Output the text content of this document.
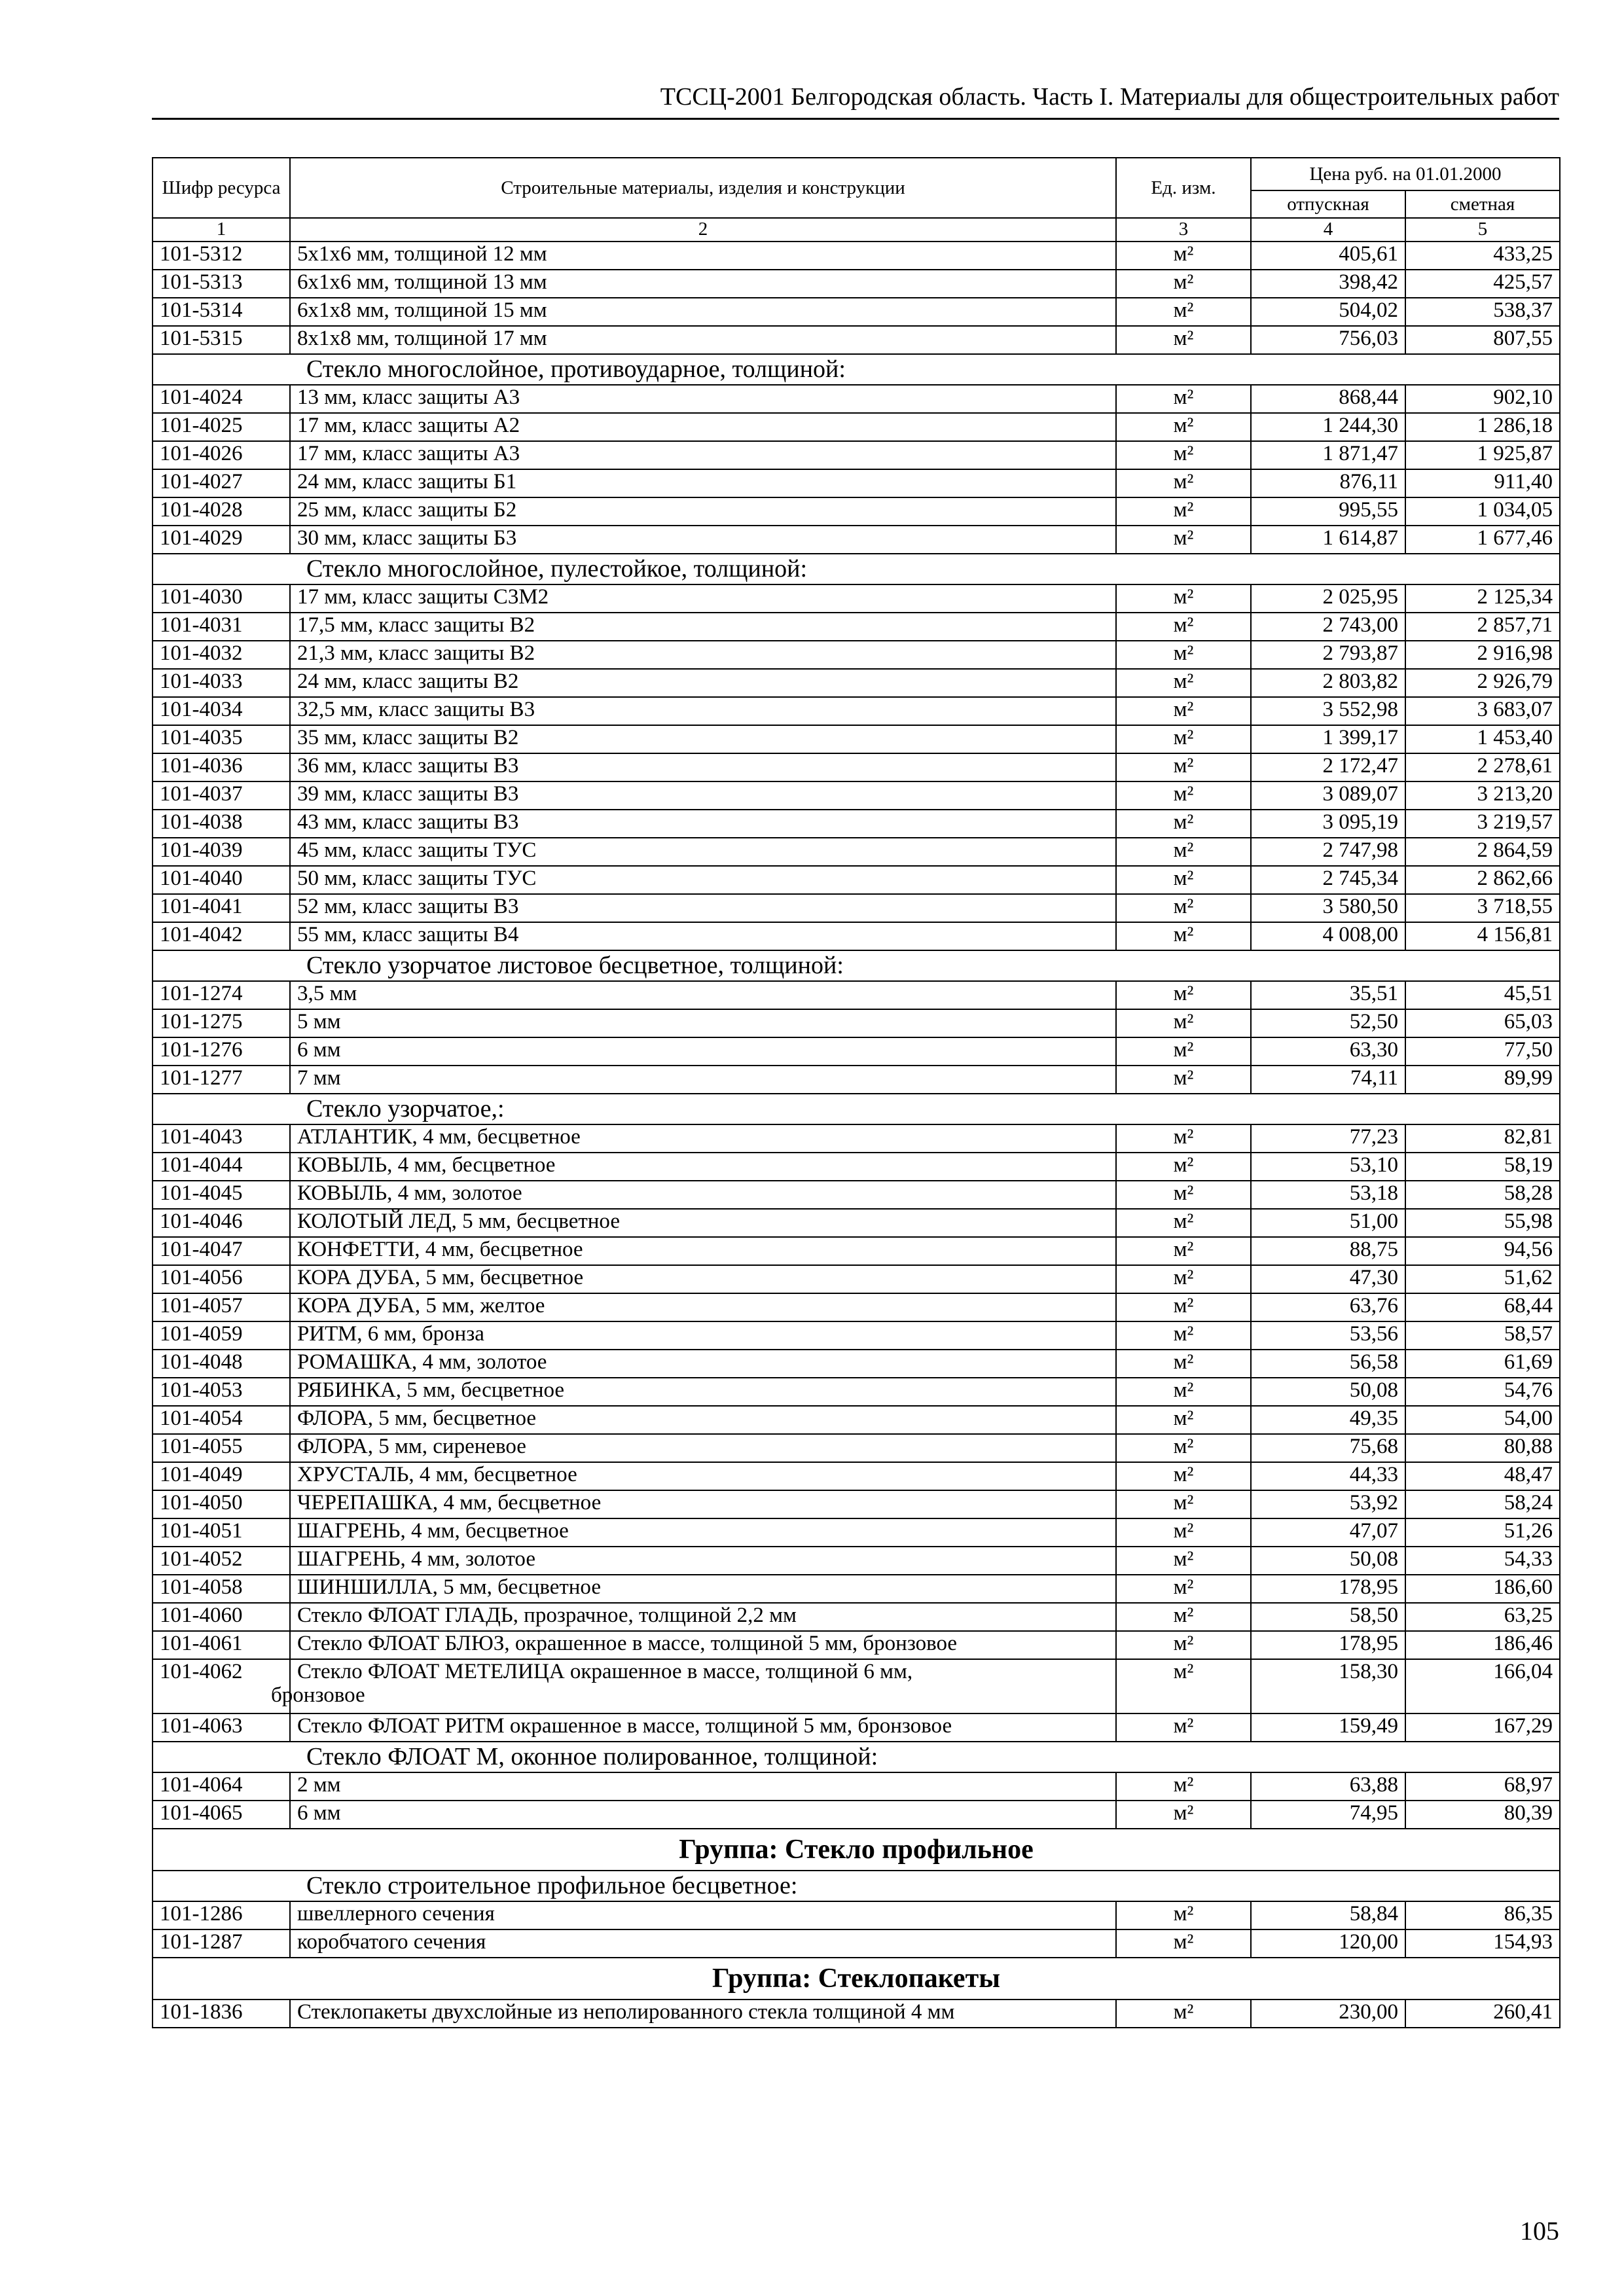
ТССЦ-2001 Белгородская область. Часть I. Материалы для общестроительных работ
Шифр ресурса	Строительные материалы, изделия и конструкции	Ед. изм.	Цена руб. на 01.01.2000	
			отпускная	сметная
1	2	3	4	5
101-5312	5x1x6 мм, толщиной 12 мм	м²	405,61	433,25
101-5313	6x1x6 мм, толщиной 13 мм	м²	398,42	425,57
101-5314	6x1x8 мм, толщиной 15 мм	м²	504,02	538,37
101-5315	8x1x8 мм, толщиной 17 мм	м²	756,03	807,55
Стекло многослойное, противоударное, толщиной:				
101-4024	13 мм, класс защиты А3	м²	868,44	902,10
101-4025	17 мм, класс защиты А2	м²	1 244,30	1 286,18
101-4026	17 мм, класс защиты А3	м²	1 871,47	1 925,87
101-4027	24 мм, класс защиты Б1	м²	876,11	911,40
101-4028	25 мм, класс защиты Б2	м²	995,55	1 034,05
101-4029	30 мм, класс защиты Б3	м²	1 614,87	1 677,46
Стекло многослойное, пулестойкое, толщиной:				
101-4030	17 мм, класс защиты С3М2	м²	2 025,95	2 125,34
101-4031	17,5 мм, класс защиты В2	м²	2 743,00	2 857,71
101-4032	21,3 мм, класс защиты В2	м²	2 793,87	2 916,98
101-4033	24 мм, класс защиты В2	м²	2 803,82	2 926,79
101-4034	32,5 мм, класс защиты В3	м²	3 552,98	3 683,07
101-4035	35 мм, класс защиты В2	м²	1 399,17	1 453,40
101-4036	36 мм, класс защиты В3	м²	2 172,47	2 278,61
101-4037	39 мм, класс защиты В3	м²	3 089,07	3 213,20
101-4038	43 мм, класс защиты В3	м²	3 095,19	3 219,57
101-4039	45 мм, класс защиты ТУС	м²	2 747,98	2 864,59
101-4040	50 мм, класс защиты ТУС	м²	2 745,34	2 862,66
101-4041	52 мм, класс защиты В3	м²	3 580,50	3 718,55
101-4042	55 мм, класс защиты В4	м²	4 008,00	4 156,81
Стекло узорчатое листовое бесцветное, толщиной:				
101-1274	3,5 мм	м²	35,51	45,51
101-1275	5 мм	м²	52,50	65,03
101-1276	6 мм	м²	63,30	77,50
101-1277	7 мм	м²	74,11	89,99
Стекло узорчатое,:				
101-4043	АТЛАНТИК, 4 мм, бесцветное	м²	77,23	82,81
101-4044	КОВЫЛЬ, 4 мм, бесцветное	м²	53,10	58,19
101-4045	КОВЫЛЬ, 4 мм, золотое	м²	53,18	58,28
101-4046	КОЛОТЫЙ ЛЕД, 5 мм, бесцветное	м²	51,00	55,98
101-4047	КОНФЕТТИ, 4 мм, бесцветное	м²	88,75	94,56
101-4056	КОРА ДУБА, 5 мм, бесцветное	м²	47,30	51,62
101-4057	КОРА ДУБА, 5 мм, желтое	м²	63,76	68,44
101-4059	РИТМ, 6 мм, бронза	м²	53,56	58,57
101-4048	РОМАШКА, 4 мм, золотое	м²	56,58	61,69
101-4053	РЯБИНКА, 5 мм, бесцветное	м²	50,08	54,76
101-4054	ФЛОРА, 5 мм, бесцветное	м²	49,35	54,00
101-4055	ФЛОРА, 5 мм, сиреневое	м²	75,68	80,88
101-4049	ХРУСТАЛЬ, 4 мм, бесцветное	м²	44,33	48,47
101-4050	ЧЕРЕПАШКА, 4 мм, бесцветное	м²	53,92	58,24
101-4051	ШАГРЕНЬ, 4 мм, бесцветное	м²	47,07	51,26
101-4052	ШАГРЕНЬ, 4 мм, золотое	м²	50,08	54,33
101-4058	ШИНШИЛЛА, 5 мм, бесцветное	м²	178,95	186,60
101-4060	Стекло ФЛОАТ ГЛАДЬ, прозрачное, толщиной 2,2 мм	м²	58,50	63,25
101-4061	Стекло ФЛОАТ БЛЮЗ, окрашенное в массе, толщиной 5 мм, бронзовое	м²	178,95	186,46
101-4062	Стекло ФЛОАТ МЕТЕЛИЦА окрашенное в массе, толщиной 6 мм,
бронзовое	м²	158,30	166,04
101-4063	Стекло ФЛОАТ РИТМ окрашенное в массе, толщиной 5 мм, бронзовое	м²	159,49	167,29
Стекло ФЛОАТ М, оконное полированное, толщиной:				
101-4064	2 мм	м²	63,88	68,97
101-4065	6 мм	м²	74,95	80,39
Группа: Стекло профильное				
Стекло строительное профильное бесцветное:				
101-1286	швеллерного сечения	м²	58,84	86,35
101-1287	коробчатого сечения	м²	120,00	154,93
Группа: Стеклопакеты				
101-1836	Стеклопакеты двухслойные из неполированного стекла толщиной 4 мм	м²	230,00	260,41
105
